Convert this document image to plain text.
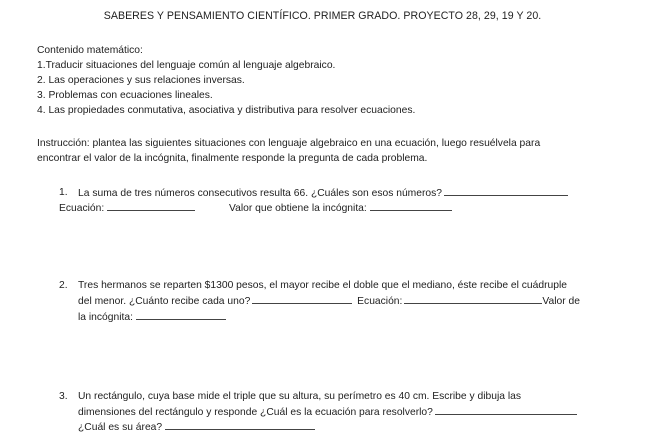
SABERES Y PENSAMIENTO CIENTÍFICO. PRIMER GRADO. PROYECTO 28, 29, 19 Y 20.
Contenido matemático:
1.Traducir situaciones del lenguaje común al lenguaje algebraico.
2. Las operaciones y sus relaciones inversas.
3. Problemas con ecuaciones lineales.
4. Las propiedades conmutativa, asociativa y distributiva para resolver ecuaciones.
Instrucción: plantea las siguientes situaciones con lenguaje algebraico en una ecuación, luego resuélvela para
encontrar el valor de la incógnita, finalmente responde la pregunta de cada problema.
1. La suma de tres números consecutivos resulta 66. ¿Cuáles son esos números?
Ecuación:	Valor que obtiene la incógnita:
2. Tres hermanos se reparten $1300 pesos, el mayor recibe el doble que el mediano, éste recibe el cuádruple
del menor. ¿Cuánto recibe cada uno?	Ecuación:	Valor de
la incógnita:
3. Un rectángulo, cuya base mide el triple que su altura, su perímetro es 40 cm. Escribe y dibuja las
dimensiones del rectángulo y responde ¿Cuál es la ecuación para resolverlo?
¿Cuál es su área?
